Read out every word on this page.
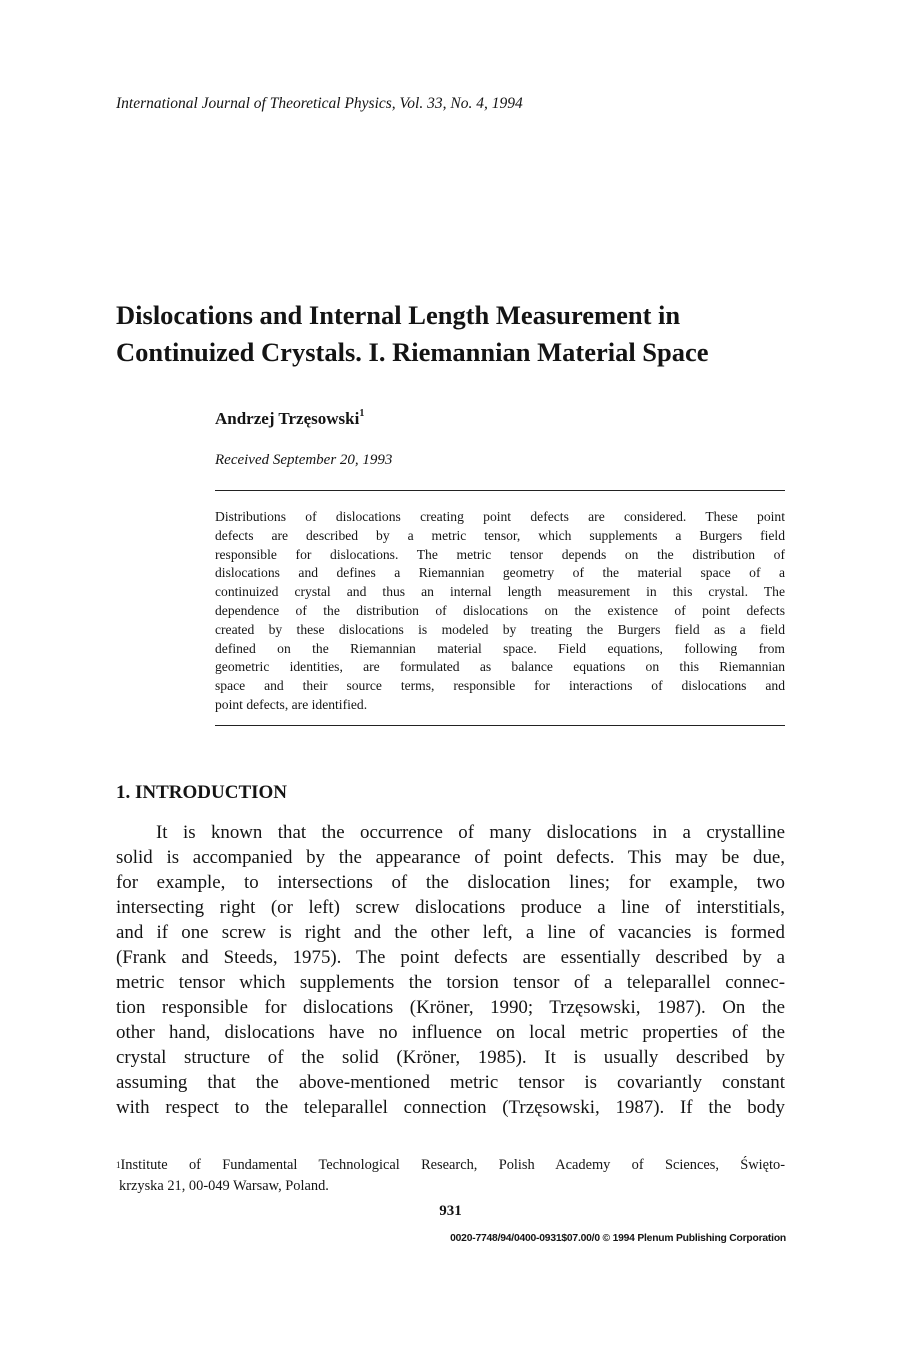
International Journal of Theoretical Physics, Vol. 33, No. 4, 1994
Dislocations and Internal Length Measurement in
Continuized Crystals. I. Riemannian Material Space
Andrzej Trzęsowski$^1$
Received September 20, 1993
Distributions of dislocations creating point defects are considered. These point
defects are described by a metric tensor, which supplements a Burgers field
responsible for dislocations. The metric tensor depends on the distribution of
dislocations and defines a Riemannian geometry of the material space of a
continuized crystal and thus an internal length measurement in this crystal. The
dependence of the distribution of dislocations on the existence of point defects
created by these dislocations is modeled by treating the Burgers field as a field
defined on the Riemannian material space. Field equations, following from
geometric identities, are formulated as balance equations on this Riemannian
space and their source terms, responsible for interactions of dislocations and
point defects, are identified.
1. INTRODUCTION
It is known that the occurrence of many dislocations in a crystalline
solid is accompanied by the appearance of point defects. This may be due,
for example, to intersections of the dislocation lines; for example, two
intersecting right (or left) screw dislocations produce a line of interstitials,
and if one screw is right and the other left, a line of vacancies is formed
(Frank and Steeds, 1975). The point defects are essentially described by a
metric tensor which supplements the torsion tensor of a teleparallel connec-
tion responsible for dislocations (Kröner, 1990; Trzęsowski, 1987). On the
other hand, dislocations have no influence on local metric properties of the
crystal structure of the solid (Kröner, 1985). It is usually described by
assuming that the above-mentioned metric tensor is covariantly constant
with respect to the teleparallel connection (Trzęsowski, 1987). If the body
$^1$Institute of Fundamental Technological Research, Polish Academy of Sciences, Świętо-
krzyska 21, 00-049 Warsaw, Poland.
931
0020-7748/94/0400-0931$07.00/0 © 1994 Plenum Publishing Corporation
